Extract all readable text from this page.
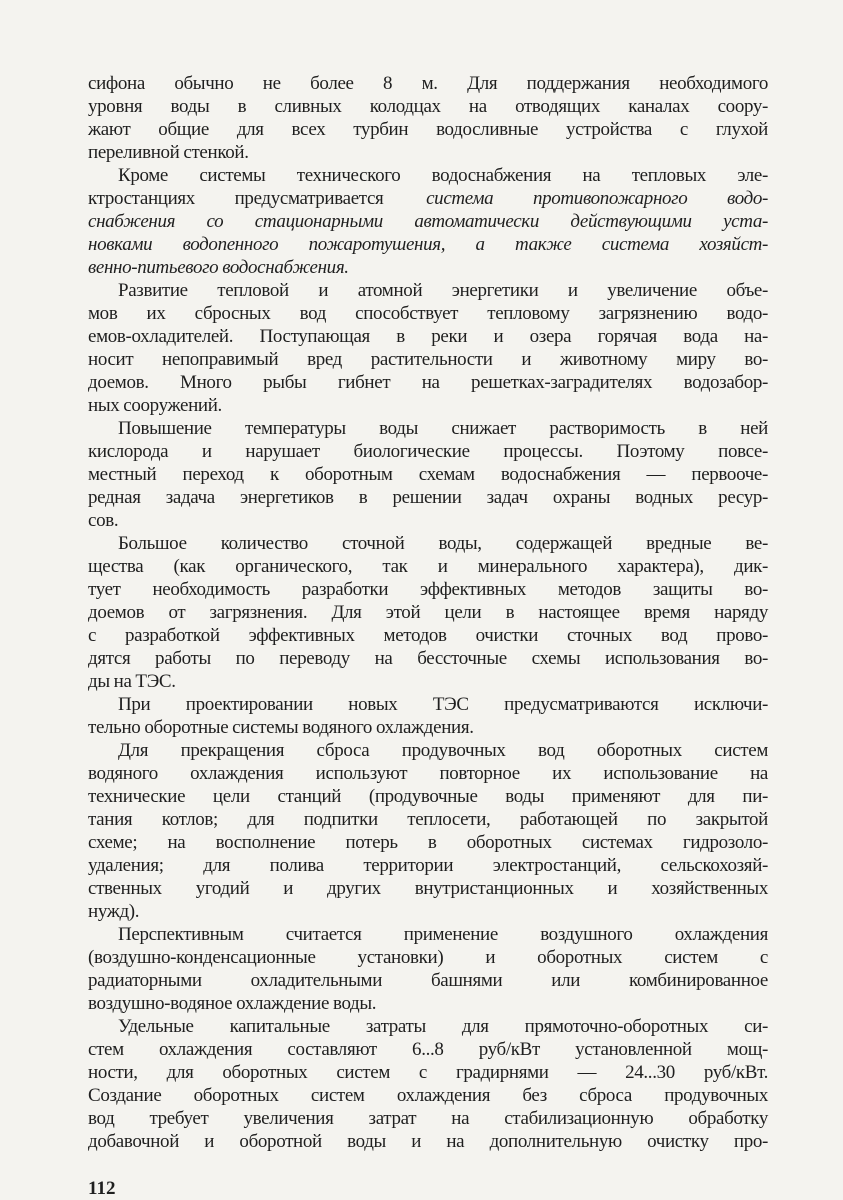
сифона обычно не более 8 м. Для поддержания необходимого
уровня воды в сливных колодцах на отводящих каналах соору-
жают общие для всех турбин водосливные устройства с глухой
переливной стенкой.
Кроме системы технического водоснабжения на тепловых эле-
ктростанциях предусматривается система противопожарного водо-
снабжения со стационарными автоматически действующими уста-
новками водопенного пожаротушения, а также система хозяйст-
венно-питьевого водоснабжения.
Развитие тепловой и атомной энергетики и увеличение объе-
мов их сбросных вод способствует тепловому загрязнению водо-
емов-охладителей. Поступающая в реки и озера горячая вода на-
носит непоправимый вред растительности и животному миру во-
доемов. Много рыбы гибнет на решетках-заградителях водозабор-
ных сооружений.
Повышение температуры воды снижает растворимость в ней
кислорода и нарушает биологические процессы. Поэтому повсе-
местный переход к оборотным схемам водоснабжения — первооче-
редная задача энергетиков в решении задач охраны водных ресур-
сов.
Большое количество сточной воды, содержащей вредные ве-
щества (как органического, так и минерального характера), дик-
тует необходимость разработки эффективных методов защиты во-
доемов от загрязнения. Для этой цели в настоящее время наряду
с разработкой эффективных методов очистки сточных вод прово-
дятся работы по переводу на бессточные схемы использования во-
ды на ТЭС.
При проектировании новых ТЭС предусматриваются исключи-
тельно оборотные системы водяного охлаждения.
Для прекращения сброса продувочных вод оборотных систем
водяного охлаждения используют повторное их использование на
технические цели станций (продувочные воды применяют для пи-
тания котлов; для подпитки теплосети, работающей по закрытой
схеме; на восполнение потерь в оборотных системах гидрозоло-
удаления; для полива территории электростанций, сельскохозяй-
ственных угодий и других внутристанционных и хозяйственных
нужд).
Перспективным считается применение воздушного охлаждения
(воздушно-конденсационные установки) и оборотных систем с
радиаторными охладительными башнями или комбинированное
воздушно-водяное охлаждение воды.
Удельные капитальные затраты для прямоточно-оборотных си-
стем охлаждения составляют 6...8 руб/кВт установленной мощ-
ности, для оборотных систем с градирнями — 24...30 руб/кВт.
Создание оборотных систем охлаждения без сброса продувочных
вод требует увеличения затрат на стабилизационную обработку
добавочной и оборотной воды и на дополнительную очистку про-
112
